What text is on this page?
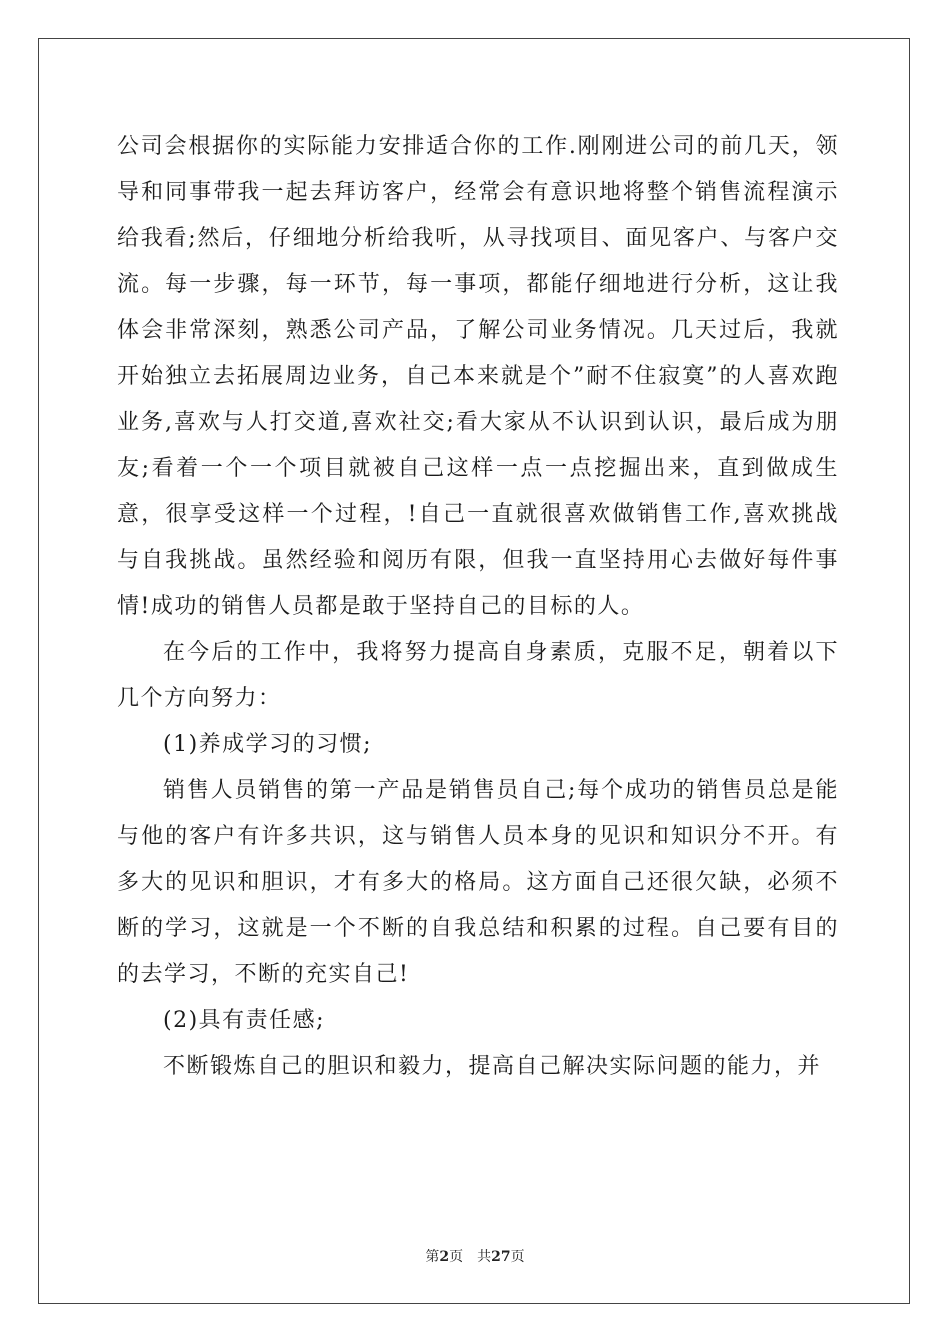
公司会根据你的实际能力安排适合你的工作.刚刚进公司的前几天，领导和同事带我一起去拜访客户，经常会有意识地将整个销售流程演示给我看;然后，仔细地分析给我听，从寻找项目、面见客户、与客户交流。每一步骤，每一环节，每一事项，都能仔细地进行分析，这让我体会非常深刻，熟悉公司产品，了解公司业务情况。几天过后，我就开始独立去拓展周边业务，自己本来就是个”耐不住寂寞”的人喜欢跑业务,喜欢与人打交道,喜欢社交;看大家从不认识到认识，最后成为朋友;看着一个一个项目就被自己这样一点一点挖掘出来，直到做成生意，很享受这样一个过程，!自己一直就很喜欢做销售工作,喜欢挑战与自我挑战。虽然经验和阅历有限，但我一直坚持用心去做好每件事情!成功的销售人员都是敢于坚持自己的目标的人。

在今后的工作中，我将努力提高自身素质，克服不足，朝着以下几个方向努力：

(1)养成学习的习惯;

销售人员销售的第一产品是销售员自己;每个成功的销售员总是能与他的客户有许多共识，这与销售人员本身的见识和知识分不开。有多大的见识和胆识，才有多大的格局。这方面自己还很欠缺，必须不断的学习，这就是一个不断的自我总结和积累的过程。自己要有目的的去学习，不断的充实自己!

(2)具有责任感;

不断锻炼自己的胆识和毅力，提高自己解决实际问题的能力，并

第2页 共27页
